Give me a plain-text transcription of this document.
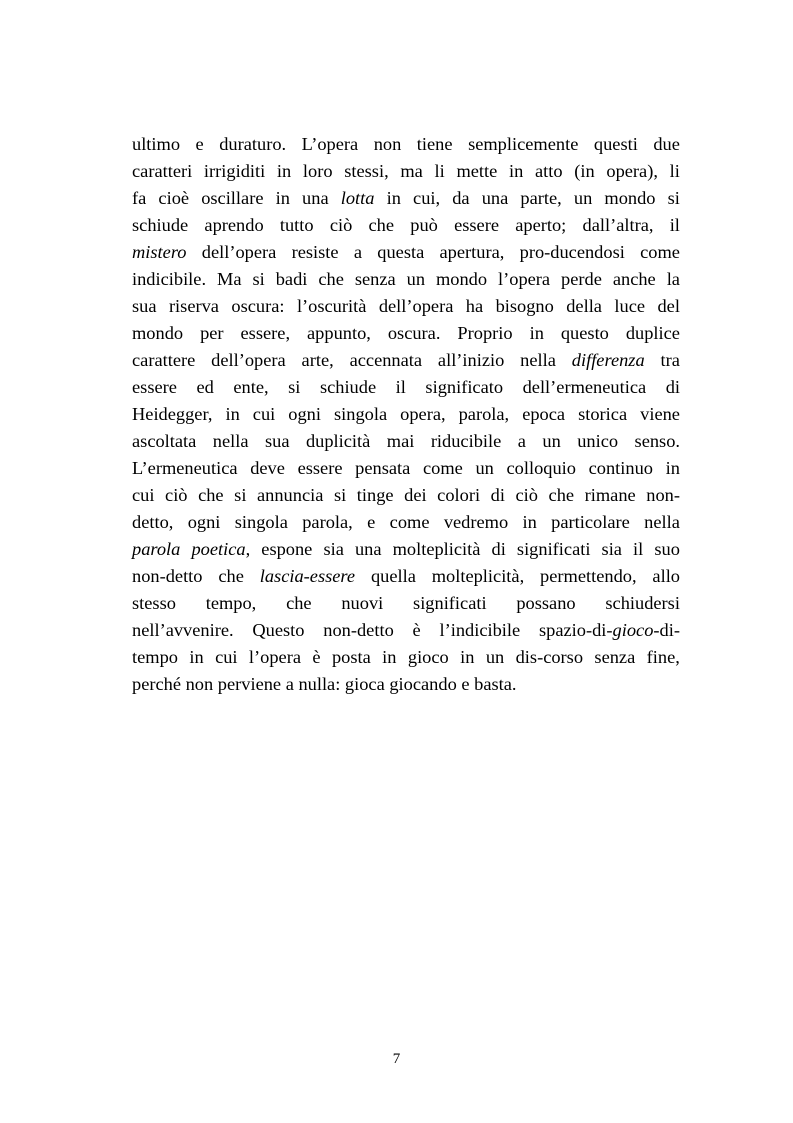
ultimo e duraturo. L’opera non tiene semplicemente questi due
caratteri irrigiditi in loro stessi, ma li mette in atto (in opera), li
fa cioè oscillare in una lotta in cui, da una parte, un mondo si
schiude aprendo tutto ciò che può essere aperto; dall’altra, il
mistero dell’opera resiste a questa apertura, pro-ducendosi come
indicibile. Ma si badi che senza un mondo l’opera perde anche la
sua riserva oscura: l’oscurità dell’opera ha bisogno della luce del
mondo per essere, appunto, oscura. Proprio in questo duplice
carattere dell’opera arte, accennata all’inizio nella differenza tra
essere ed ente, si schiude il significato dell’ermeneutica di
Heidegger, in cui ogni singola opera, parola, epoca storica viene
ascoltata nella sua duplicità mai riducibile a un unico senso.
L’ermeneutica deve essere pensata come un colloquio continuo in
cui ciò che si annuncia si tinge dei colori di ciò che rimane non-
detto, ogni singola parola, e come vedremo in particolare nella
parola poetica, espone sia una molteplicità di significati sia il suo
non-detto che lascia-essere quella molteplicità, permettendo, allo
stesso tempo, che nuovi significati possano schiudersi
nell’avvenire. Questo non-detto è l’indicibile spazio-di-gioco-di-
tempo in cui l’opera è posta in gioco in un dis-corso senza fine,
perché non perviene a nulla: gioca giocando e basta.
7
